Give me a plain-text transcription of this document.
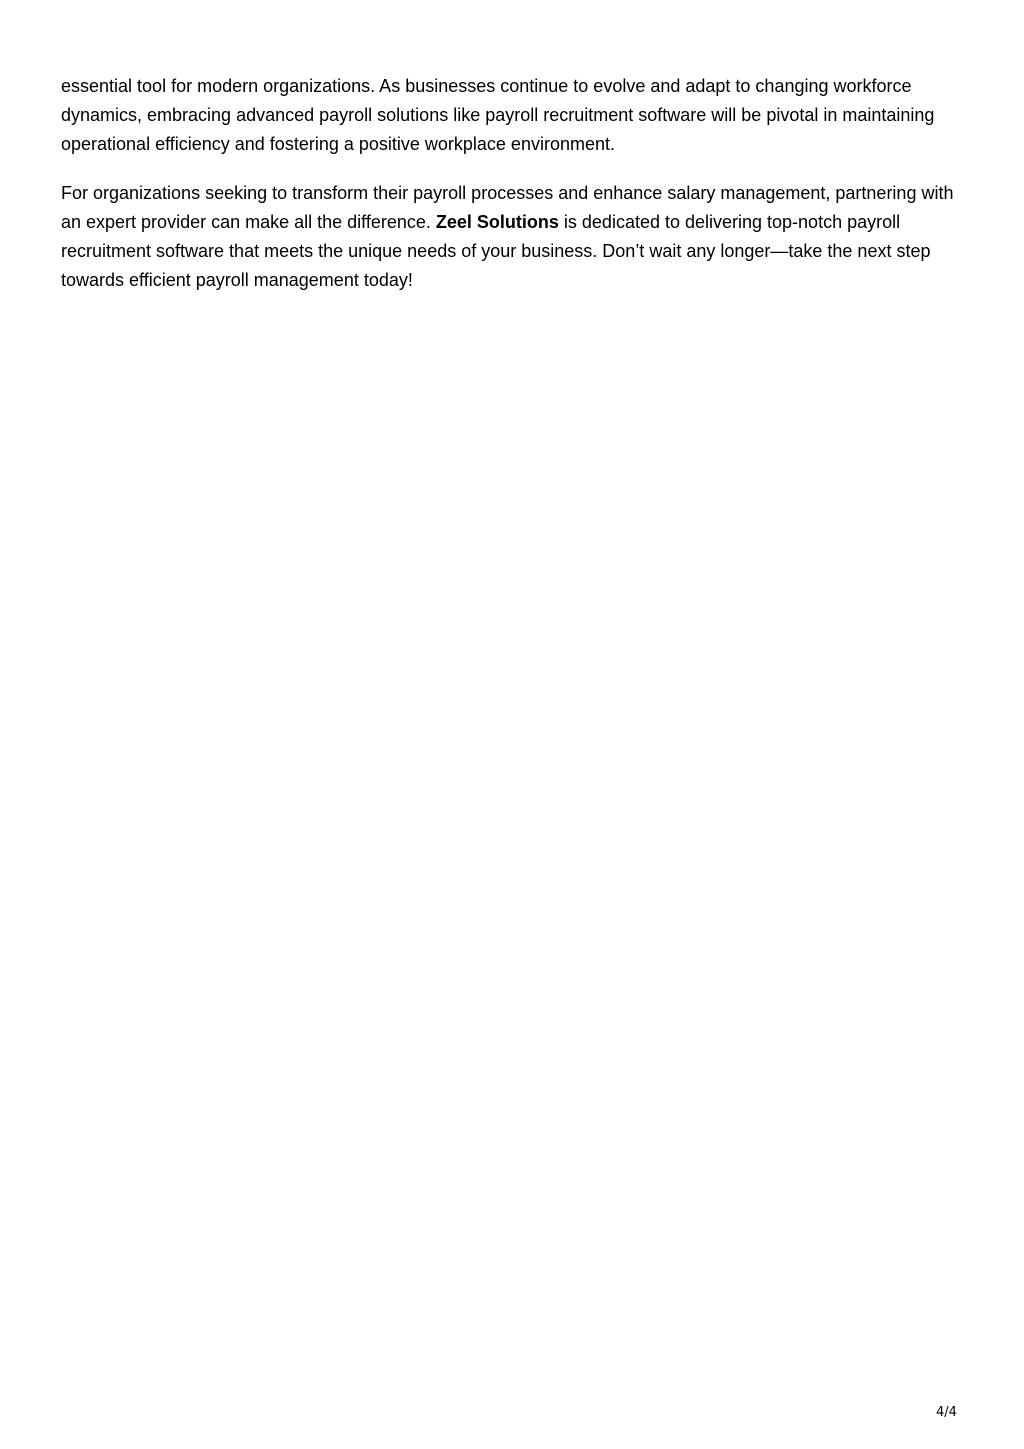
essential tool for modern organizations. As businesses continue to evolve and adapt to changing workforce dynamics, embracing advanced payroll solutions like payroll recruitment software will be pivotal in maintaining operational efficiency and fostering a positive workplace environment.

For organizations seeking to transform their payroll processes and enhance salary management, partnering with an expert provider can make all the difference. Zeel Solutions is dedicated to delivering top-notch payroll recruitment software that meets the unique needs of your business. Don’t wait any longer—take the next step towards efficient payroll management today!

4/4
